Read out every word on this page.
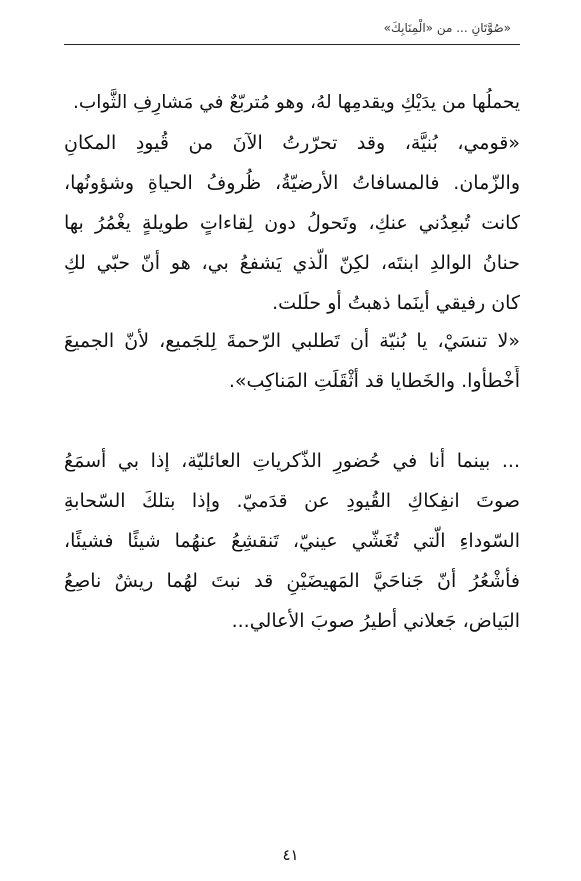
«صُوَّتَانِ ... من «الْمِنَابِكَ»
يحملُها من يدَيْكِ ويقدمِها لهُ، وهو مُتربّعٌ في مَشارِفِ الثَّواب.
«قومي، بُنيَّة، وقد تحرّرتُ الآنَ من قُيودِ المكانِ
والزّمان. فالمسافاتُ الأرضيّةُ، ظُروفُ الحياةِ وشؤونُها،
كانت تُبعِدُني عنكِ، وتَحولُ دون لِقاءاتٍ طويلةٍ يغْمُرُ بها
حنانُ الوالدِ ابنتَه، لكِنّ الّذي يَشفعُ بي، هو أنّ حبّي لكِ
كان رفيقي أينَما ذهبتُ أو حلَلت.
«لا تنسَيْ، يا بُنيّة أن تَطلبي الرّحمةَ لِلجَميع، لأنّ الجميعَ
أَخْطأوا. والخَطايا قد أثْقَلَتِ المَناكِب».
... بينما أنا في حُضورِ الذّكرياتِ العائليّة، إذا بي أسمَعُ
صوتَ انفِكاكِ القُيودِ عن قدَميّ. وإذا بتلكَ السّحابةِ
السّوداءِ الّتي تُغَشّي عينيّ، تَنقشِعُ عنهُما شيئًا فشيئًا،
فأشْعُرُ أنّ جَناحَيَّ المَهيضَيْنِ قد نبتَ لهُما ريشٌ ناصِعُ
البَياض، جَعلاني أطيرُ صوبَ الأعالي...
٤١
